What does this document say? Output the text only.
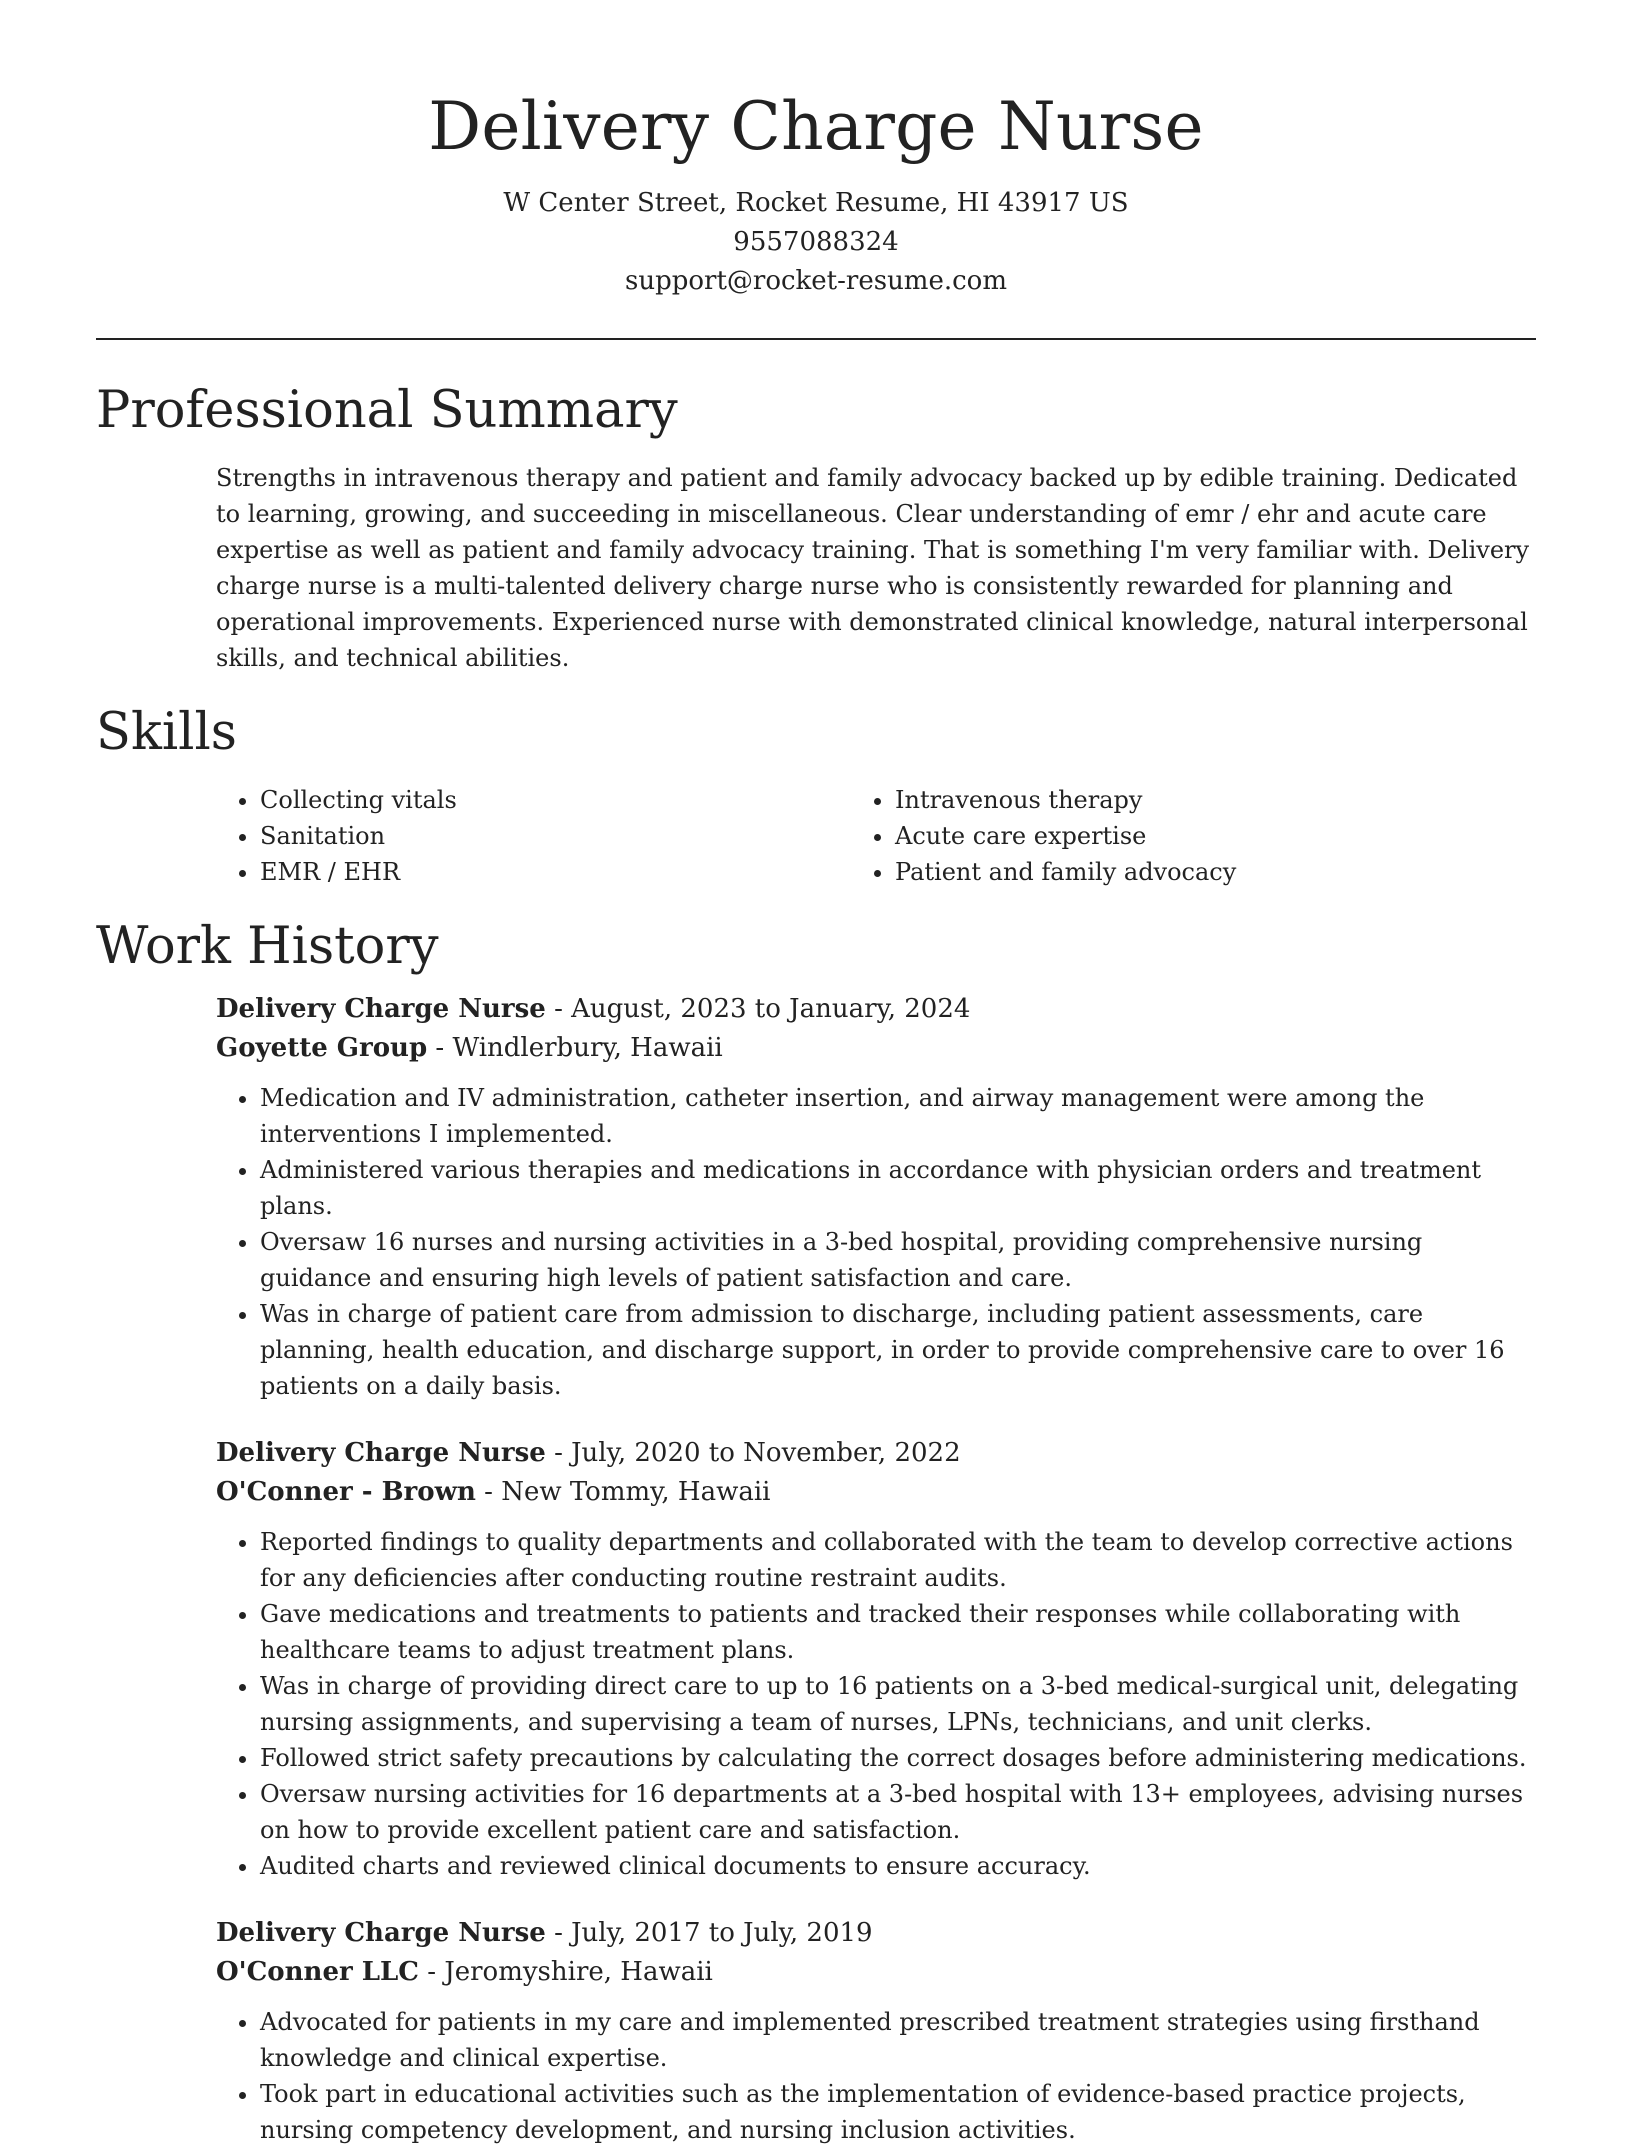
Delivery Charge Nurse
W Center Street, Rocket Resume, HI 43917 US
9557088324
support@rocket-resume.com
Professional Summary
Strengths in intravenous therapy and patient and family advocacy backed up by edible training. Dedicated to learning, growing, and succeeding in miscellaneous. Clear understanding of emr / ehr and acute care expertise as well as patient and family advocacy training. That is something I'm very familiar with. Delivery charge nurse is a multi-talented delivery charge nurse who is consistently rewarded for planning and operational improvements. Experienced nurse with demonstrated clinical knowledge, natural interpersonal skills, and technical abilities.
Skills
• Collecting vitals
• Sanitation
• EMR / EHR
• Intravenous therapy
• Acute care expertise
• Patient and family advocacy
Work History
Delivery Charge Nurse - August, 2023 to January, 2024
Goyette Group - Windlerbury, Hawaii
• Medication and IV administration, catheter insertion, and airway management were among the interventions I implemented.
• Administered various therapies and medications in accordance with physician orders and treatment plans.
• Oversaw 16 nurses and nursing activities in a 3-bed hospital, providing comprehensive nursing guidance and ensuring high levels of patient satisfaction and care.
• Was in charge of patient care from admission to discharge, including patient assessments, care planning, health education, and discharge support, in order to provide comprehensive care to over 16 patients on a daily basis.
Delivery Charge Nurse - July, 2020 to November, 2022
O'Conner - Brown - New Tommy, Hawaii
• Reported findings to quality departments and collaborated with the team to develop corrective actions for any deficiencies after conducting routine restraint audits.
• Gave medications and treatments to patients and tracked their responses while collaborating with healthcare teams to adjust treatment plans.
• Was in charge of providing direct care to up to 16 patients on a 3-bed medical-surgical unit, delegating nursing assignments, and supervising a team of nurses, LPNs, technicians, and unit clerks.
• Followed strict safety precautions by calculating the correct dosages before administering medications.
• Oversaw nursing activities for 16 departments at a 3-bed hospital with 13+ employees, advising nurses on how to provide excellent patient care and satisfaction.
• Audited charts and reviewed clinical documents to ensure accuracy.
Delivery Charge Nurse - July, 2017 to July, 2019
O'Conner LLC - Jeromyshire, Hawaii
• Advocated for patients in my care and implemented prescribed treatment strategies using firsthand knowledge and clinical expertise.
• Took part in educational activities such as the implementation of evidence-based practice projects, nursing competency development, and nursing inclusion activities.
